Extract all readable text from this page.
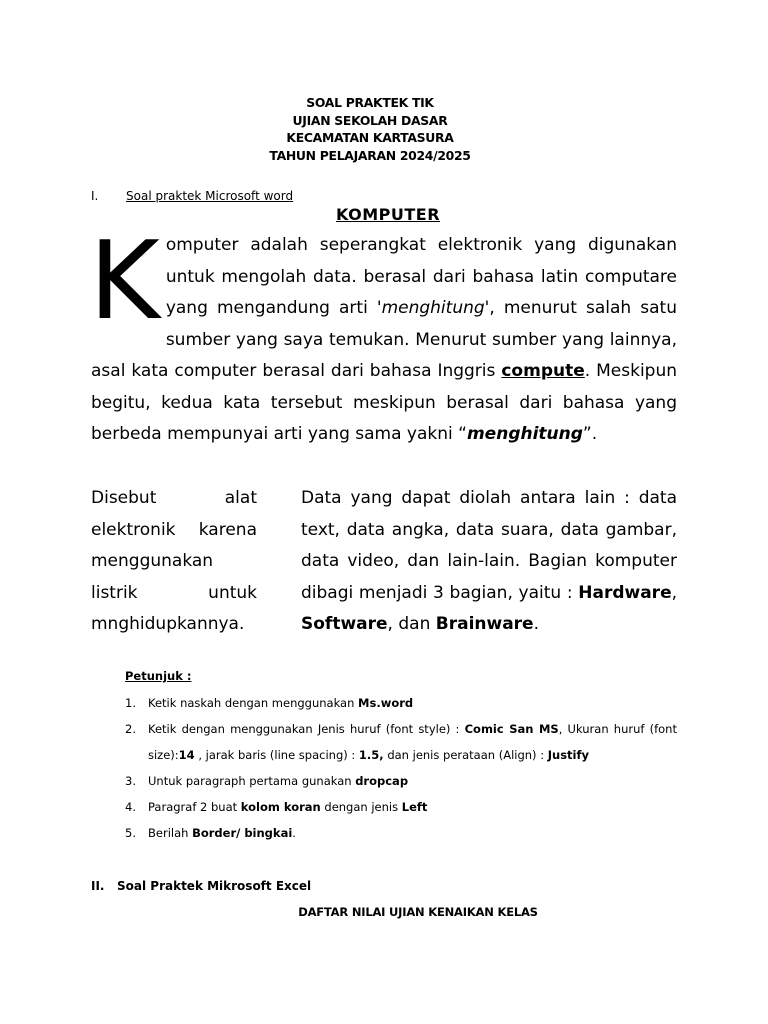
SOAL PRAKTEK TIK
UJIAN SEKOLAH DASAR
KECAMATAN KARTASURA
TAHUN PELAJARAN 2024/2025
I. Soal praktek Microsoft word
KOMPUTER
K omputer adalah seperangkat elektronik yang digunakan untuk mengolah data. berasal dari bahasa latin computare yang mengandung arti 'menghitung', menurut salah satu sumber yang saya temukan. Menurut sumber yang lainnya, asal kata computer berasal dari bahasa Inggris compute. Meskipun begitu, kedua kata tersebut meskipun berasal dari bahasa yang berbeda mempunyai arti yang sama yakni “menghitung”.

Disebut alat elektronik karena menggunakan listrik untuk mnghidupkannya.
Data yang dapat diolah antara lain : data text, data angka, data suara, data gambar, data video, dan lain-lain. Bagian komputer dibagi menjadi 3 bagian, yaitu : Hardware, Software, dan Brainware.
Petunjuk :
1. Ketik naskah dengan menggunakan Ms.word
2. Ketik dengan menggunakan Jenis huruf (font style) : Comic San MS, Ukuran huruf (font size):14 , jarak baris (line spacing) : 1.5, dan jenis perataan (Align) : Justify
3. Untuk paragraph pertama gunakan dropcap
4. Paragraf 2 buat kolom koran dengan jenis Left
5. Berilah Border/ bingkai.
II. Soal Praktek Mikrosoft Excel
DAFTAR NILAI UJIAN KENAIKAN KELAS
